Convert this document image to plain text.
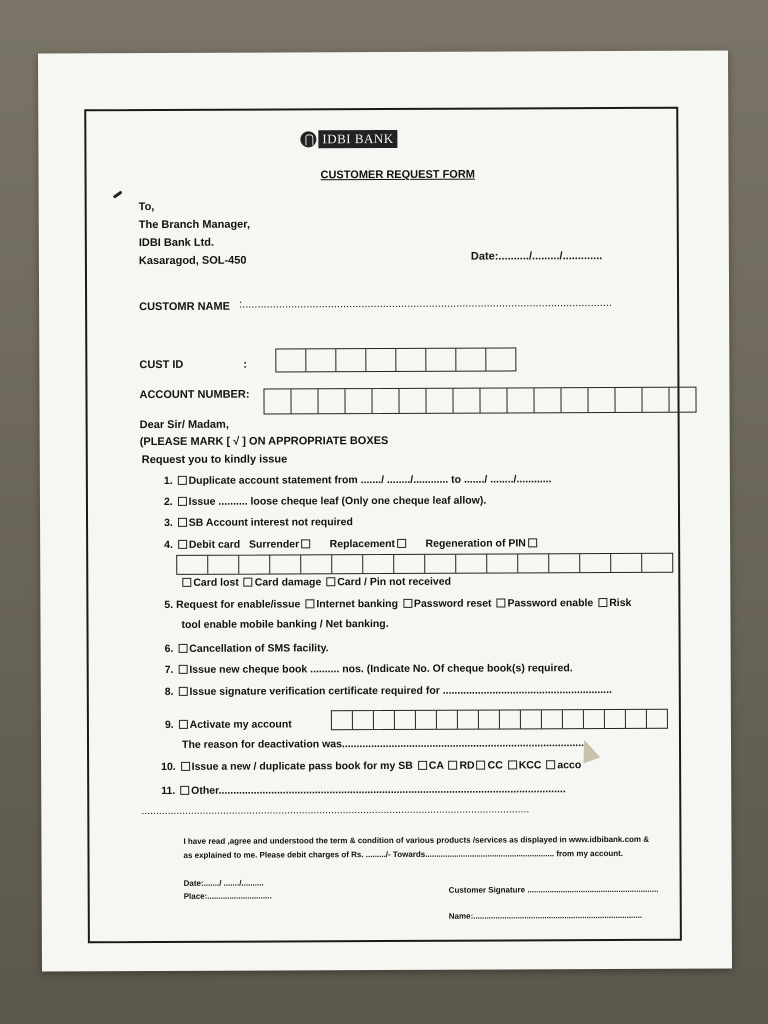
IDBI BANK
CUSTOMER REQUEST FORM
To,
The Branch Manager,
IDBI Bank Ltd.
Kasaragod, SOL-450	Date:........../........./.............
CUSTOMR NAME :.........................................................................................................................
CUST ID	:
ACCOUNT NUMBER:
Dear Sir/ Madam,
(PLEASE MARK [ √ ] ON APPROPRIATE BOXES
Request you to kindly issue
1. Duplicate account statement from ......./ ......../............ to ......./ ......../............
2. Issue .......... loose cheque leaf (Only one cheque leaf allow).
3. SB Account interest not required
4. Debit card Surrender	Replacement	Regeneration of PIN
Card lost Card damage Card / Pin not received
5. Request for enable/issue Internet banking Password reset Password enable Risk
tool enable mobile banking / Net banking.
6. Cancellation of SMS facility.
7. Issue new cheque book .......... nos. (Indicate No. Of cheque book(s) required.
8. Issue signature verification certificate required for ..........................................................
9. Activate my account
The reason for deactivation was...................................................................................
10. Issue a new / duplicate pass book for my SB CA RD CC KCC acco
11. Other.......................................................................................................................
.....................................................................................................................................
I have read ,agree and understood the term & condition of various products /services as displayed in www.idbibank.com &
as explained to me. Please debit charges of Rs. ........./- Towards.......................................................... from my account.
Date:......./ ......./..........
Place:.............................
Customer Signature ...........................................................
Name:............................................................................
